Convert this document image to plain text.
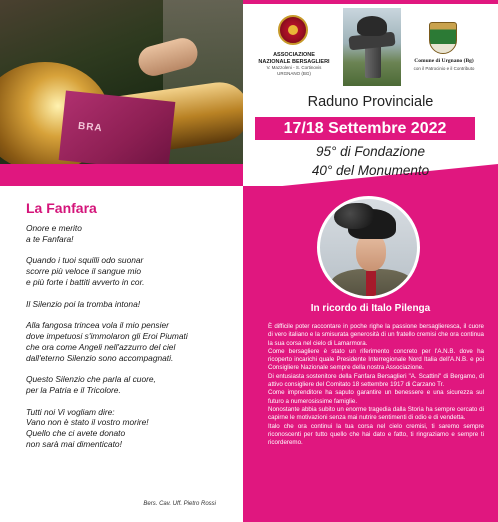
BRA
ASSOCIAZIONE NAZIONALE BERSAGLIERI
V. Mazzoleni - S. Cortinovis URGNANO (BG)
Comune di Urgnano (Bg)
con il Patrocinio e il Contributo
Raduno Provinciale
17/18 Settembre 2022
95° di Fondazione
40° del Monumento
La Fanfara
Onore e merito
a te Fanfara!
Quando i tuoi squilli odo suonar
scorre più veloce il sangue mio
e più forte i battiti avverto in cor.
Il Silenzio poi la tromba intona!
Alla fangosa trincea vola il mio pensier
dove impetuosi s'immolaron gli Eroi Piumati
che ora come Angeli nell'azzurro del ciel
dall'eterno Silenzio sono accompagnati.
Questo Silenzio che parla al cuore,
per la Patria e il Tricolore.
Tutti noi Vi vogliam dire:
Vano non è stato il vostro morire!
Quello che ci avete donato
non sarà mai dimenticato!
Bers. Cav. Uff. Pietro Rossi
In ricordo di Italo Pilenga

È difficile poter raccontare in poche righe la passione bersaglieresca, il cuore di vero italiano e la smisurata generosità di un fratello cremisi che ora continua la sua corsa nel cielo di Lamarmora.

Come bersagliere è stato un riferimento concreto per l'A.N.B. dove ha ricoperto incarichi quale Presidente Interregionale Nord Italia dell'A.N.B. e poi Consigliere Nazionale sempre della nostra Associazione.

Di entusiasta sostenitore della Fanfara Bersaglieri "A. Scattini" di Bergamo, di attivo consigliere del Comitato 18 settembre 1917 di Carzano Tr.

Come imprenditore ha saputo garantire un benessere e una sicurezza sul futuro a numerosissime famiglie.

Nonostante abbia subito un enorme tragedia dalla Storia ha sempre cercato di capirne le motivazioni senza mai nutrire sentimenti di odio e di vendetta.

Italo che ora continui la tua corsa nel cielo cremisi, ti saremo sempre riconoscenti per tutto quello che hai dato e fatto, ti ringraziamo e sempre ti ricorderemo.
